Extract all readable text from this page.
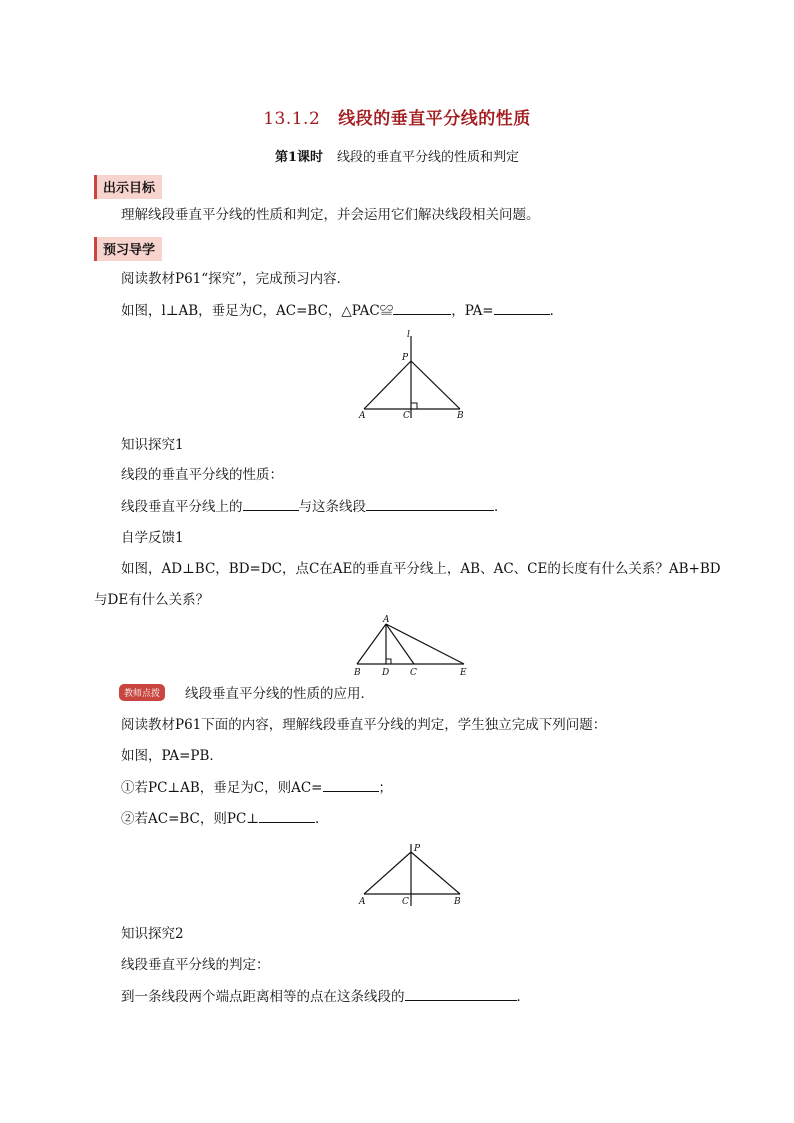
13.1.2 线段的垂直平分线的性质
第1课时 线段的垂直平分线的性质和判定
出示目标
理解线段垂直平分线的性质和判定，并会运用它们解决线段相关问题。
预习导学
阅读教材P61“探究”，完成预习内容．
如图，l⊥AB，垂足为C，AC=BC，△PAC≌	，PA=	．
l
P
A	C	B
知识探究1
线段的垂直平分线的性质：
线段垂直平分线上的	与这条线段	．
自学反馈1
如图，AD⊥BC，BD=DC，点C在AE的垂直平分线上，AB、AC、CE的长度有什么关系？AB+BD
与DE有什么关系？
A
B D C	E
教师点拨	线段垂直平分线的性质的应用．
阅读教材P61下面的内容，理解线段垂直平分线的判定，学生独立完成下列问题：
如图，PA=PB．
①若PC⊥AB，垂足为C，则AC=	；
②若AC=BC，则PC⊥	．
P
A	C	B
知识探究2
线段垂直平分线的判定：
到一条线段两个端点距离相等的点在这条线段的	．
